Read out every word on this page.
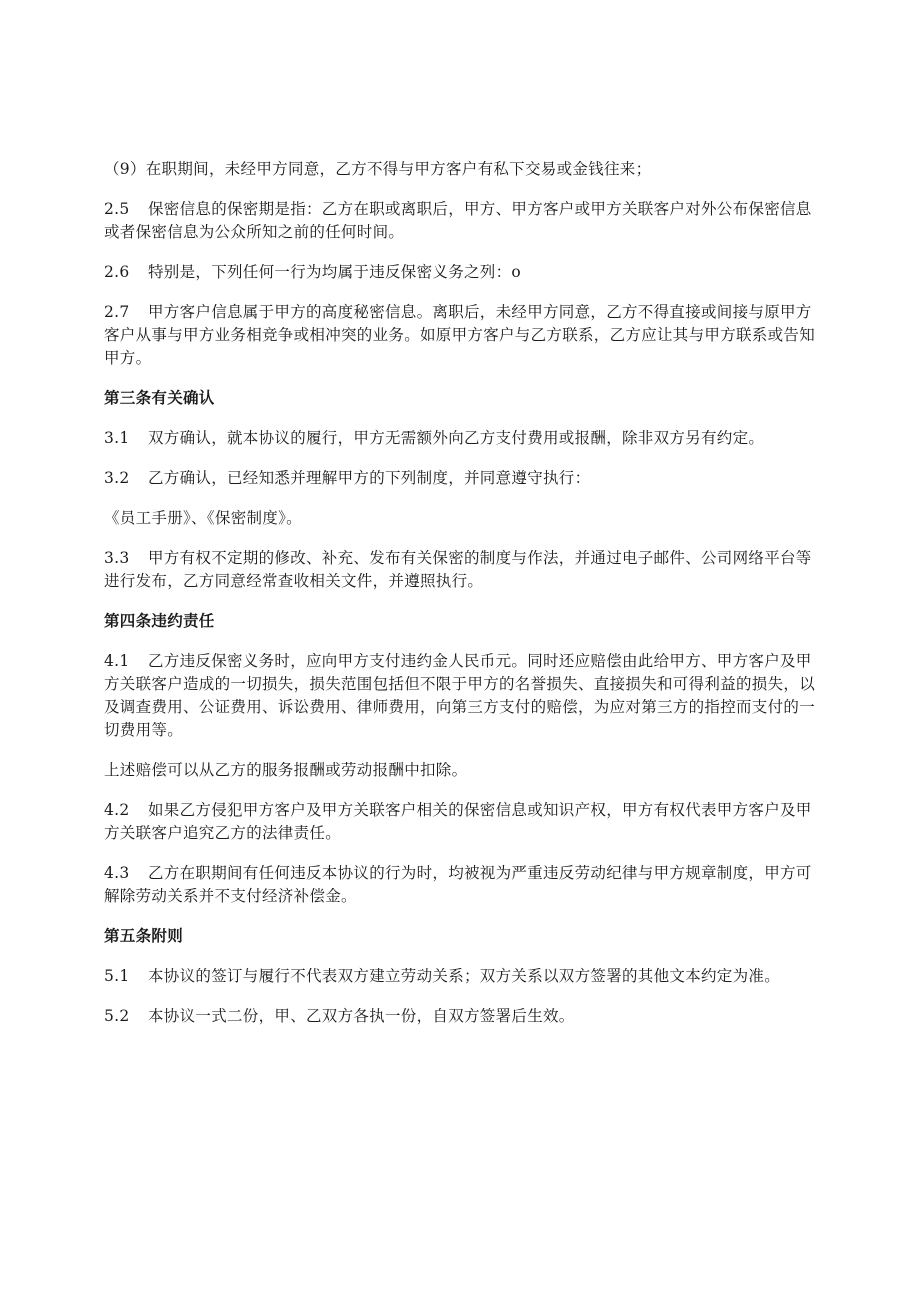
（9）在职期间，未经甲方同意，乙方不得与甲方客户有私下交易或金钱往来；

2.5 保密信息的保密期是指：乙方在职或离职后，甲方、甲方客户或甲方关联客户对外公布保密信息或者保密信息为公众所知之前的任何时间。

2.6 特别是，下列任何一行为均属于违反保密义务之列：o

2.7 甲方客户信息属于甲方的高度秘密信息。离职后，未经甲方同意，乙方不得直接或间接与原甲方客户从事与甲方业务相竞争或相冲突的业务。如原甲方客户与乙方联系，乙方应让其与甲方联系或告知甲方。

第三条有关确认

3.1 双方确认，就本协议的履行，甲方无需额外向乙方支付费用或报酬，除非双方另有约定。

3.2 乙方确认，已经知悉并理解甲方的下列制度，并同意遵守执行：

《员工手册》、《保密制度》。

3.3 甲方有权不定期的修改、补充、发布有关保密的制度与作法，并通过电子邮件、公司网络平台等进行发布，乙方同意经常查收相关文件，并遵照执行。

第四条违约责任

4.1 乙方违反保密义务时，应向甲方支付违约金人民币元。同时还应赔偿由此给甲方、甲方客户及甲方关联客户造成的一切损失，损失范围包括但不限于甲方的名誉损失、直接损失和可得利益的损失，以及调查费用、公证费用、诉讼费用、律师费用，向第三方支付的赔偿，为应对第三方的指控而支付的一切费用等。

上述赔偿可以从乙方的服务报酬或劳动报酬中扣除。

4.2 如果乙方侵犯甲方客户及甲方关联客户相关的保密信息或知识产权，甲方有权代表甲方客户及甲方关联客户追究乙方的法律责任。

4.3 乙方在职期间有任何违反本协议的行为时，均被视为严重违反劳动纪律与甲方规章制度，甲方可解除劳动关系并不支付经济补偿金。

第五条附则

5.1 本协议的签订与履行不代表双方建立劳动关系；双方关系以双方签署的其他文本约定为准。

5.2 本协议一式二份，甲、乙双方各执一份，自双方签署后生效。
